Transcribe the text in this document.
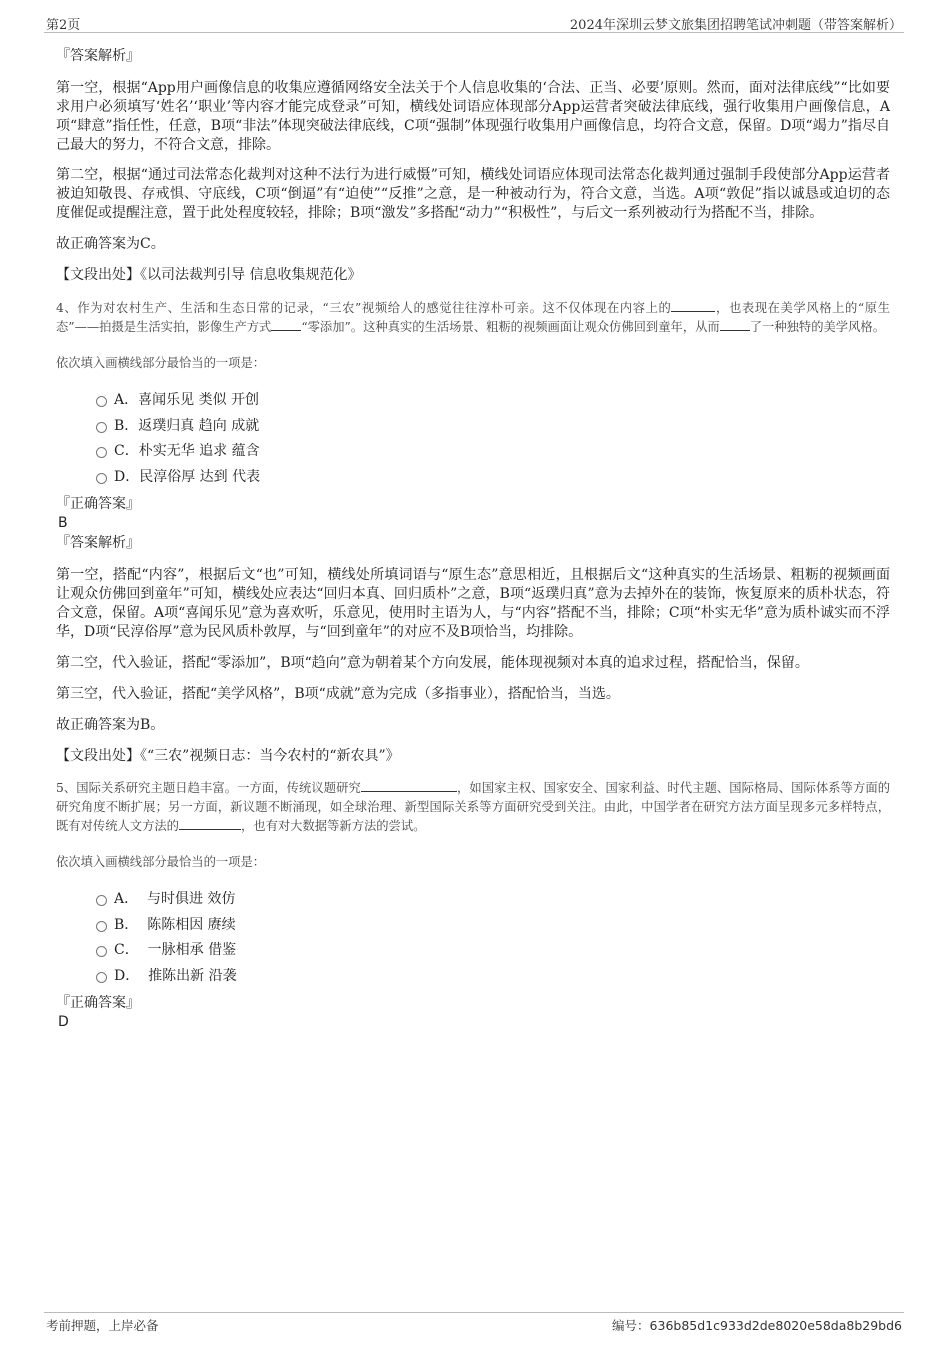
第2页	2024年深圳云梦文旅集团招聘笔试冲刺题（带答案解析）

『答案解析』

第一空，根据“App用户画像信息的收集应遵循网络安全法关于个人信息收集的‘合法、正当、必要’原则。然而，面对法律底线”“比如要求用户必须填写‘姓名’‘职业’等内容才能完成登录”可知，横线处词语应体现部分App运营者突破法律底线，强行收集用户画像信息，A项“肆意”指任性，任意，B项“非法”体现突破法律底线，C项“强制”体现强行收集用户画像信息，均符合文意，保留。D项“竭力”指尽自己最大的努力，不符合文意，排除。

第二空，根据“通过司法常态化裁判对这种不法行为进行威慑”可知，横线处词语应体现司法常态化裁判通过强制手段使部分App运营者被迫知敬畏、存戒惧、守底线，C项“倒逼”有“迫使”“反推”之意，是一种被动行为，符合文意，当选。A项“敦促”指以诚恳或迫切的态度催促或提醒注意，置于此处程度较轻，排除；B项“激发”多搭配“动力”“积极性”，与后文一系列被动行为搭配不当，排除。

故正确答案为C。

【文段出处】《以司法裁判引导 信息收集规范化》

4、作为对农村生产、生活和生态日常的记录，“三农”视频给人的感觉往往淳朴可亲。这不仅体现在内容上的	，也表现在美学风格上的“原生态”——拍摄是生活实拍，影像生产方式 “零添加”。这种真实的生活场景、粗粝的视频画面让观众仿佛回到童年，从而 了一种独特的美学风格。

依次填入画横线部分最恰当的一项是：

A．喜闻乐见 类似 开创
B．返璞归真 趋向 成就
C．朴实无华 追求 蕴含
D．民淳俗厚 达到 代表

『正确答案』

B

『答案解析』

第一空，搭配“内容”，根据后文“也”可知，横线处所填词语与“原生态”意思相近，且根据后文“这种真实的生活场景、粗粝的视频画面让观众仿佛回到童年”可知，横线处应表达“回归本真、回归质朴”之意，B项“返璞归真”意为去掉外在的装饰，恢复原来的质朴状态，符合文意，保留。A项“喜闻乐见”意为喜欢听，乐意见，使用时主语为人，与“内容”搭配不当，排除；C项“朴实无华”意为质朴诚实而不浮华，D项“民淳俗厚”意为民风质朴敦厚，与“回到童年”的对应不及B项恰当，均排除。

第二空，代入验证，搭配“零添加”，B项“趋向”意为朝着某个方向发展，能体现视频对本真的追求过程，搭配恰当，保留。

第三空，代入验证，搭配“美学风格”，B项“成就”意为完成（多指事业），搭配恰当，当选。

故正确答案为B。

【文段出处】《“三农”视频日志：当今农村的“新农具”》

5、国际关系研究主题日趋丰富。一方面，传统议题研究	，如国家主权、国家安全、国家利益、时代主题、国际格局、国际体系等方面的研究角度不断扩展；另一方面，新议题不断涌现，如全球治理、新型国际关系等方面研究受到关注。由此，中国学者在研究方法方面呈现多元多样特点，既有对传统人文方法的	，也有对大数据等新方法的尝试。

依次填入画横线部分最恰当的一项是：

A． 与时俱进 效仿
B． 陈陈相因 赓续
C． 一脉相承 借鉴
D． 推陈出新 沿袭

『正确答案』

D

考前押题，上岸必备	编号：636b85d1c933d2de8020e58da8b29bd6
